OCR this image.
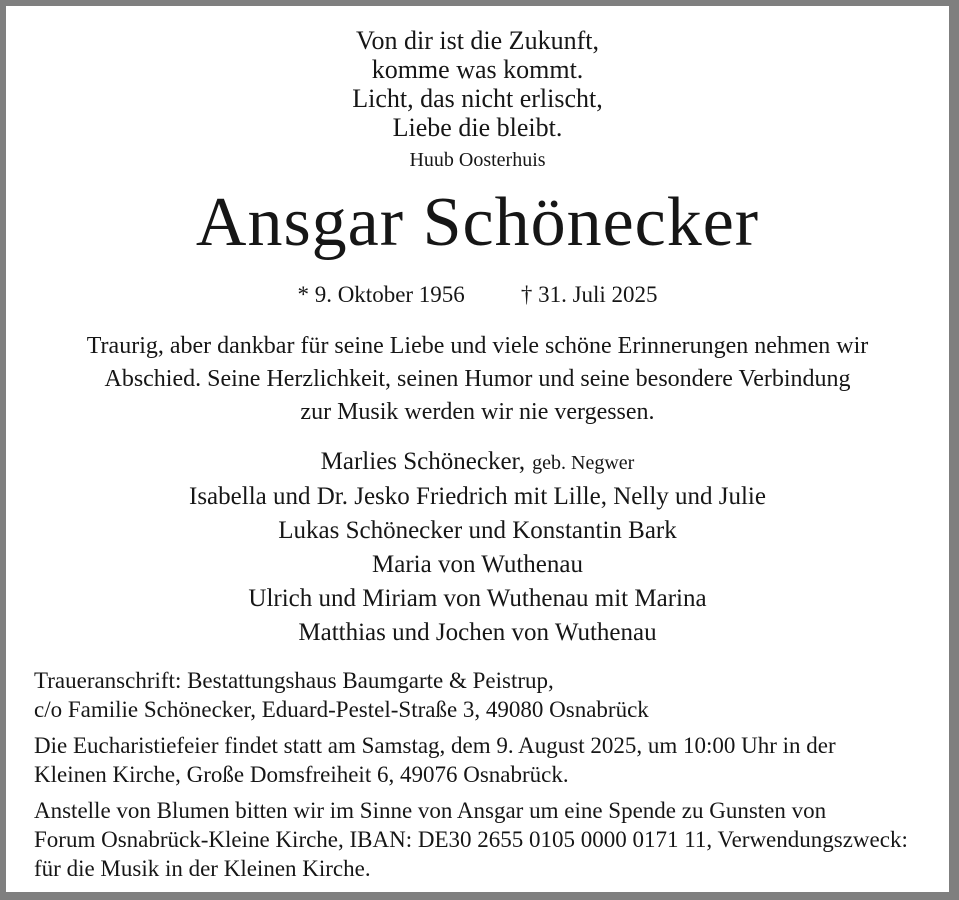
Von dir ist die Zukunft,
komme was kommt.
Licht, das nicht erlischt,
Liebe die bleibt.
Huub Oosterhuis
Ansgar Schönecker
* 9. Oktober 1956 † 31. Juli 2025
Traurig, aber dankbar für seine Liebe und viele schöne Erinnerungen nehmen wir
Abschied. Seine Herzlichkeit, seinen Humor und seine besondere Verbindung
zur Musik werden wir nie vergessen.
Marlies Schönecker, geb. Negwer
Isabella und Dr. Jesko Friedrich mit Lille, Nelly und Julie
Lukas Schönecker und Konstantin Bark
Maria von Wuthenau
Ulrich und Miriam von Wuthenau mit Marina
Matthias und Jochen von Wuthenau

Traueranschrift: Bestattungshaus Baumgarte & Peistrup,
c/o Familie Schönecker, Eduard-Pestel-Straße 3, 49080 Osnabrück

Die Eucharistiefeier findet statt am Samstag, dem 9. August 2025, um 10:00 Uhr in der
Kleinen Kirche, Große Domsfreiheit 6, 49076 Osnabrück.

Anstelle von Blumen bitten wir im Sinne von Ansgar um eine Spende zu Gunsten von
Forum Osnabrück-Kleine Kirche, IBAN: DE30 2655 0105 0000 0171 11, Verwendungszweck:
für die Musik in der Kleinen Kirche.
